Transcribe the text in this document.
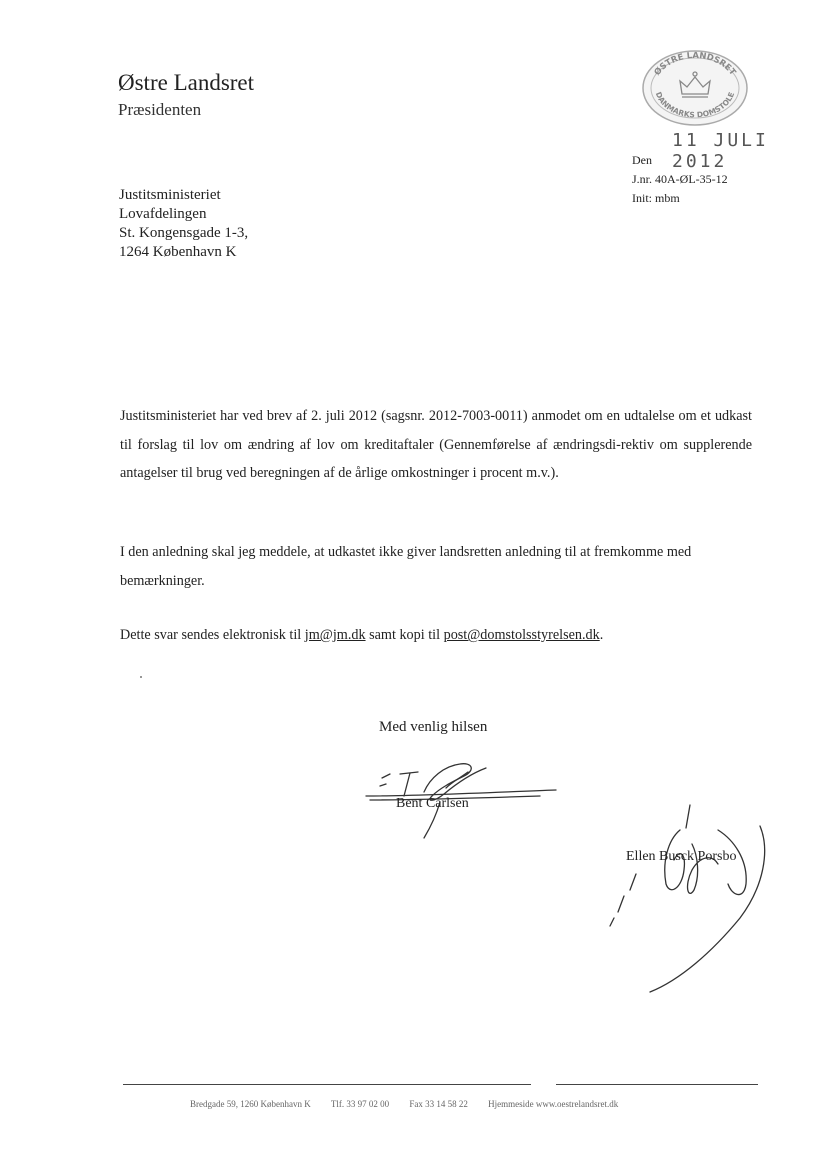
Østre Landsret
Præsidenten
ØSTRE LANDSRET
DANMARKS DOMSTOLE
11 JULI 2012
Den
J.nr. 40A-ØL-35-12
Init: mbm
Justitsministeriet
Lovafdelingen
St. Kongensgade 1-3,
1264 København K
Justitsministeriet har ved brev af 2. juli 2012 (sagsnr. 2012-7003-0011) anmodet om en udtalelse om et udkast til forslag til lov om ændring af lov om kreditaftaler (Gennemførelse af ændringsdi-rektiv om supplerende antagelser til brug ved beregningen af de årlige omkostninger i procent m.v.).
I den anledning skal jeg meddele, at udkastet ikke giver landsretten anledning til at fremkomme med bemærkninger.
Dette svar sendes elektronisk til jm@jm.dk samt kopi til post@domstolsstyrelsen.dk.
Med venlig hilsen
Bent Carlsen
Ellen Busck Porsbo
Bredgade 59, 1260 København K Tlf. 33 97 02 00 Fax 33 14 58 22 Hjemmeside www.oestrelandsret.dk
